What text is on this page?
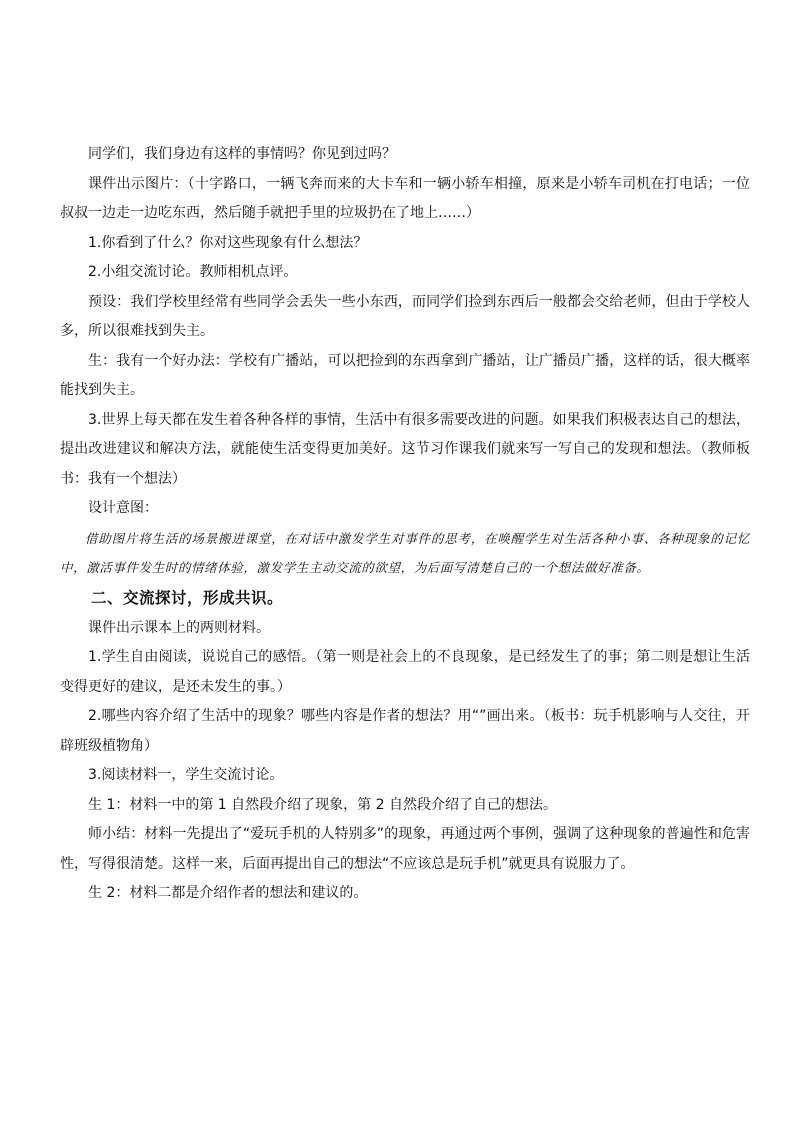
同学们，我们身边有这样的事情吗？你见到过吗？

课件出示图片：（十字路口，一辆飞奔而来的大卡车和一辆小轿车相撞，原来是小轿车司机在打电话；一位叔叔一边走一边吃东西，然后随手就把手里的垃圾扔在了地上……）

1.你看到了什么？你对这些现象有什么想法？

2.小组交流讨论。教师相机点评。

预设：我们学校里经常有些同学会丢失一些小东西，而同学们捡到东西后一般都会交给老师，但由于学校人多，所以很难找到失主。

生：我有一个好办法：学校有广播站，可以把捡到的东西拿到广播站，让广播员广播，这样的话，很大概率能找到失主。

3.世界上每天都在发生着各种各样的事情，生活中有很多需要改进的问题。如果我们积极表达自己的想法，提出改进建议和解决方法，就能使生活变得更加美好。这节习作课我们就来写一写自己的发现和想法。（教师板书：我有一个想法）

设计意图：

借助图片将生活的场景搬进课堂，在对话中激发学生对事件的思考，在唤醒学生对生活各种小事、各种现象的记忆中，激活事件发生时的情绪体验，激发学生主动交流的欲望，为后面写清楚自己的一个想法做好准备。

二、交流探讨，形成共识。

课件出示课本上的两则材料。

1.学生自由阅读，说说自己的感悟。（第一则是社会上的不良现象，是已经发生了的事；第二则是想让生活变得更好的建议，是还未发生的事。）

2.哪些内容介绍了生活中的现象？哪些内容是作者的想法？用“”画出来。（板书：玩手机影响与人交往，开辟班级植物角）

3.阅读材料一，学生交流讨论。

生 1：材料一中的第 1 自然段介绍了现象，第 2 自然段介绍了自己的想法。

师小结：材料一先提出了“爱玩手机的人特别多”的现象，再通过两个事例，强调了这种现象的普遍性和危害性，写得很清楚。这样一来，后面再提出自己的想法“不应该总是玩手机”就更具有说服力了。

生 2：材料二都是介绍作者的想法和建议的。
